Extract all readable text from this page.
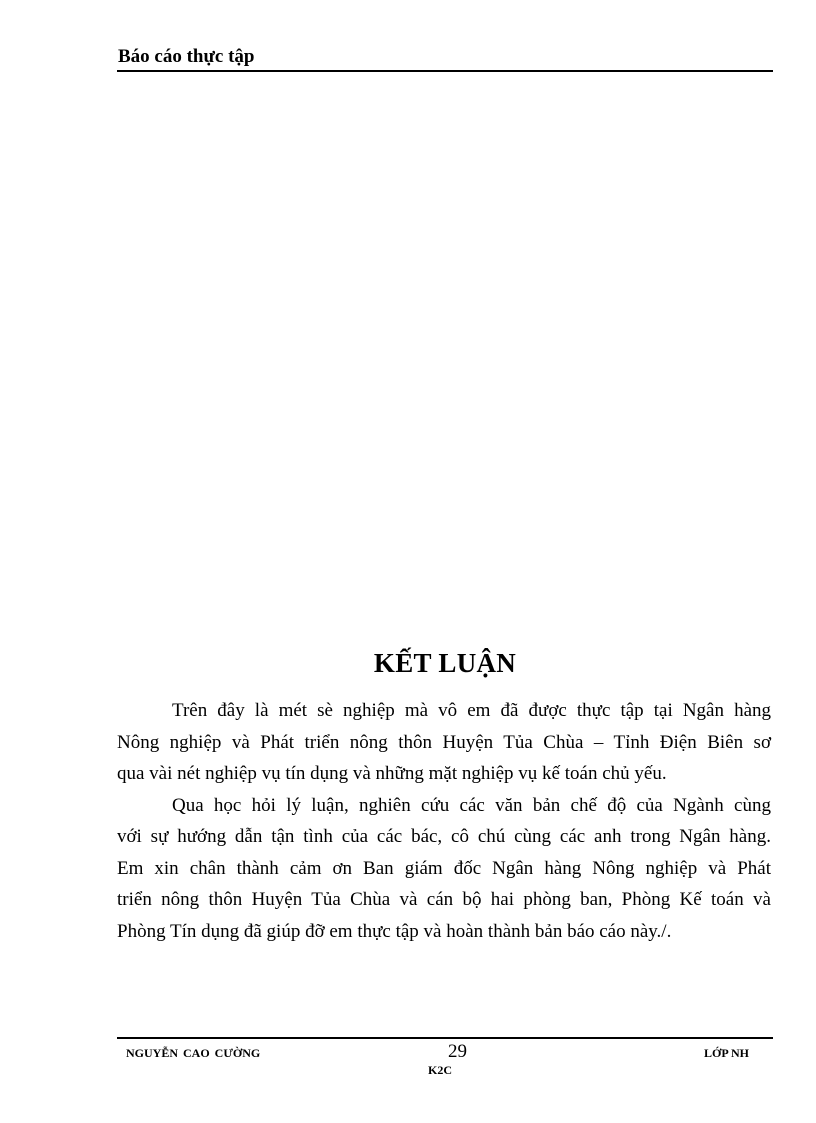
Báo cáo thực tập
KẾT LUẬN
Trên đây là mét sè nghiệp mà vô em đã được thực tập tại Ngân hàng
Nông nghiệp và Phát triển nông thôn Huyện Tủa Chùa – Tỉnh Điện Biên sơ
qua vài nét nghiệp vụ tín dụng và những mặt nghiệp vụ kế toán chủ yếu.
Qua học hỏi lý luận, nghiên cứu các văn bản chế độ của Ngành cùng
với sự hướng dẫn tận tình của các bác, cô chú cùng các anh trong Ngân hàng.
Em xin chân thành cảm ơn Ban giám đốc Ngân hàng Nông nghiệp và Phát
triển nông thôn Huyện Tủa Chùa và cán bộ hai phòng ban, Phòng Kế toán và
Phòng Tín dụng đã giúp đỡ em thực tập và hoàn thành bản báo cáo này./.
NGUYỄN CAO CƯỜNG	29	LỚP NH
K2C
